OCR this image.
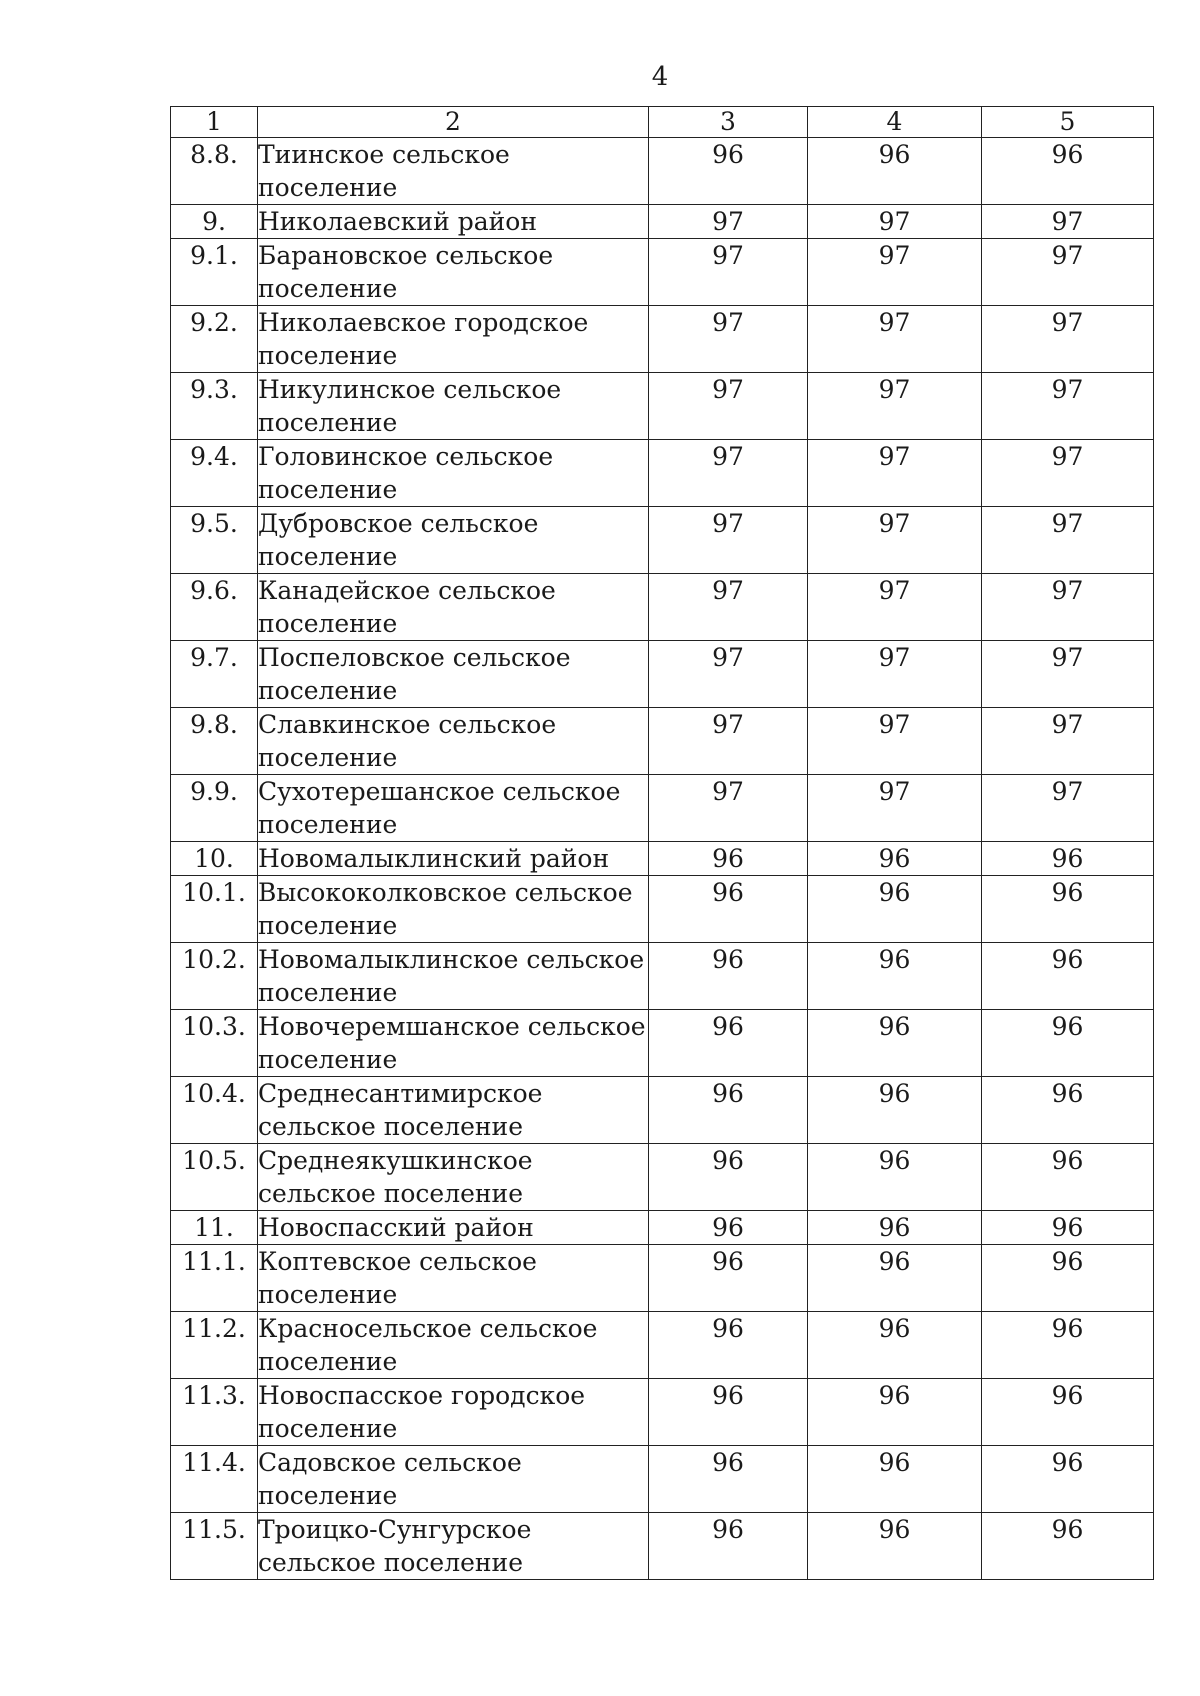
4
1	2	3	4	5
8.8.	Тиинское сельское поселение	96	96	96
9.	Николаевский район	97	97	97
9.1.	Барановское сельское поселение	97	97	97
9.2.	Николаевское городское поселение	97	97	97
9.3.	Никулинское сельское поселение	97	97	97
9.4.	Головинское сельское поселение	97	97	97
9.5.	Дубровское сельское поселение	97	97	97
9.6.	Канадейское сельское поселение	97	97	97
9.7.	Поспеловское сельское поселение	97	97	97
9.8.	Славкинское сельское поселение	97	97	97
9.9.	Сухотерешанское сельское поселение	97	97	97
10.	Новомалыклинский район	96	96	96
10.1.	Высококолковское сельское поселение	96	96	96
10.2.	Новомалыклинское сельское поселение	96	96	96
10.3.	Новочеремшанское сельское поселение	96	96	96
10.4.	Среднесантимирское сельское поселение	96	96	96
10.5.	Среднеякушкинское сельское поселение	96	96	96
11.	Новоспасский район	96	96	96
11.1.	Коптевское сельское поселение	96	96	96
11.2.	Красносельское сельское поселение	96	96	96
11.3.	Новоспасское городское поселение	96	96	96
11.4.	Садовское сельское поселение	96	96	96
11.5.	Троицко-Сунгурское сельское поселение	96	96	96
